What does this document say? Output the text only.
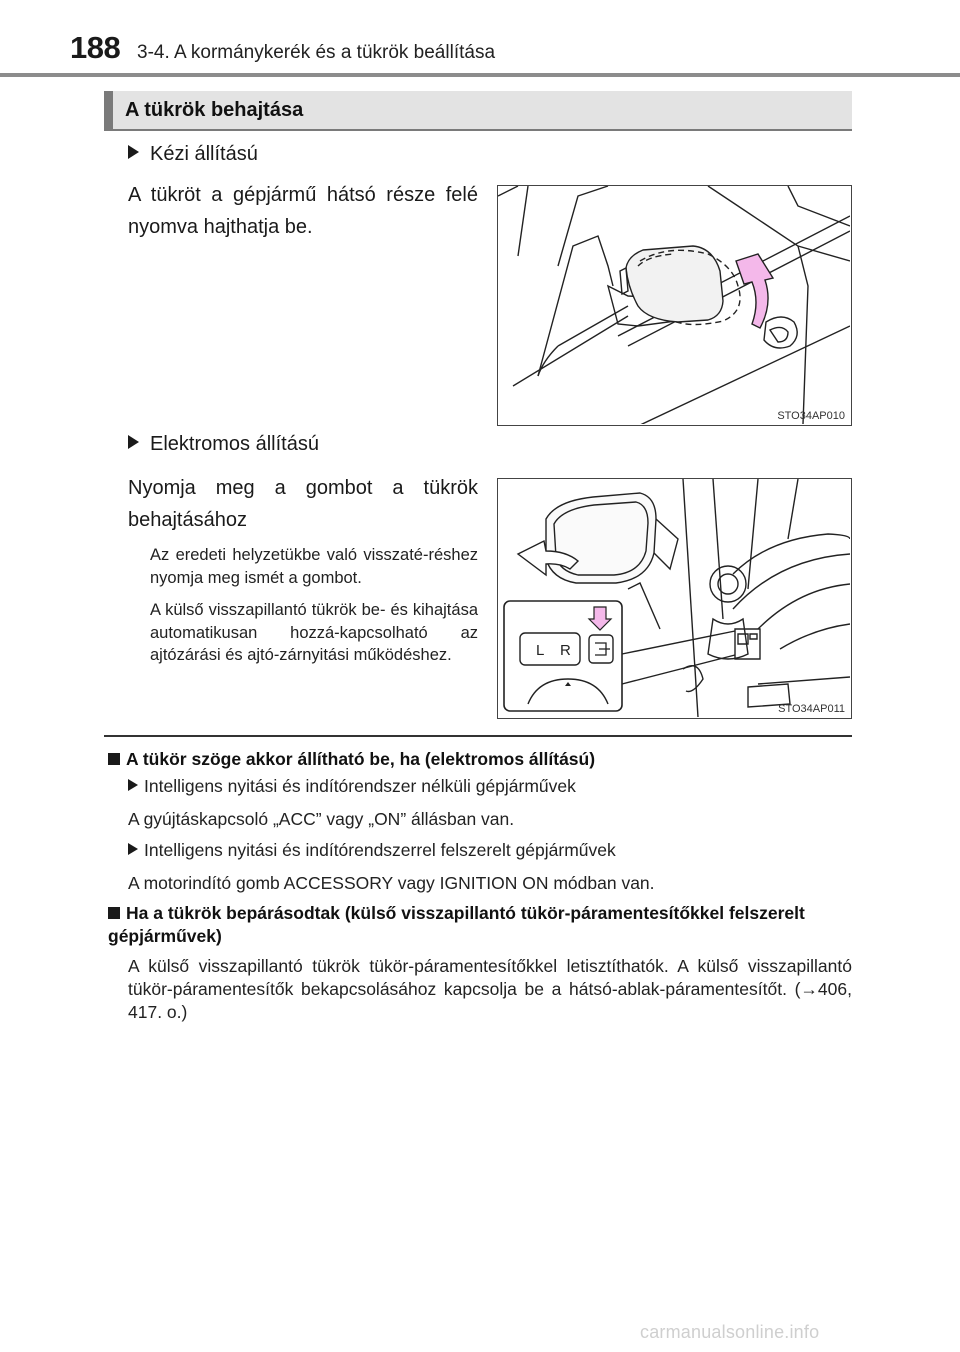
188 3-4. A kormánykerék és a tükrök beállítása
A tükrök behajtása
Kézi állítású
A tükröt a gépjármű hátsó része felé nyomva hajthatja be.
STO34AP010
Elektromos állítású
Nyomja meg a gombot a tükrök behajtásához
Az eredeti helyzetükbe való visszaté-réshez nyomja meg ismét a gombot.
A külső visszapillantó tükrök be- és kihajtása automatikusan hozzá-kapcsolható az ajtózárási és ajtó-zárnyitási működéshez.	L R
STO34AP011
A tükör szöge akkor állítható be, ha (elektromos állítású)
Intelligens nyitási és indítórendszer nélküli gépjárművek
A gyújtáskapcsoló „ACC” vagy „ON” állásban van.
Intelligens nyitási és indítórendszerrel felszerelt gépjárművek
A motorindító gomb ACCESSORY vagy IGNITION ON módban van.
Ha a tükrök bepárásodtak (külső visszapillantó tükör-páramentesítőkkel felszerelt gépjárművek)
A külső visszapillantó tükrök tükör-páramentesítőkkel letisztíthatók. A külső visszapillantó tükör-páramentesítők bekapcsolásához kapcsolja be a hátsó-ablak-páramentesítőt. (→406, 417. o.)
carmanualsonline.info
